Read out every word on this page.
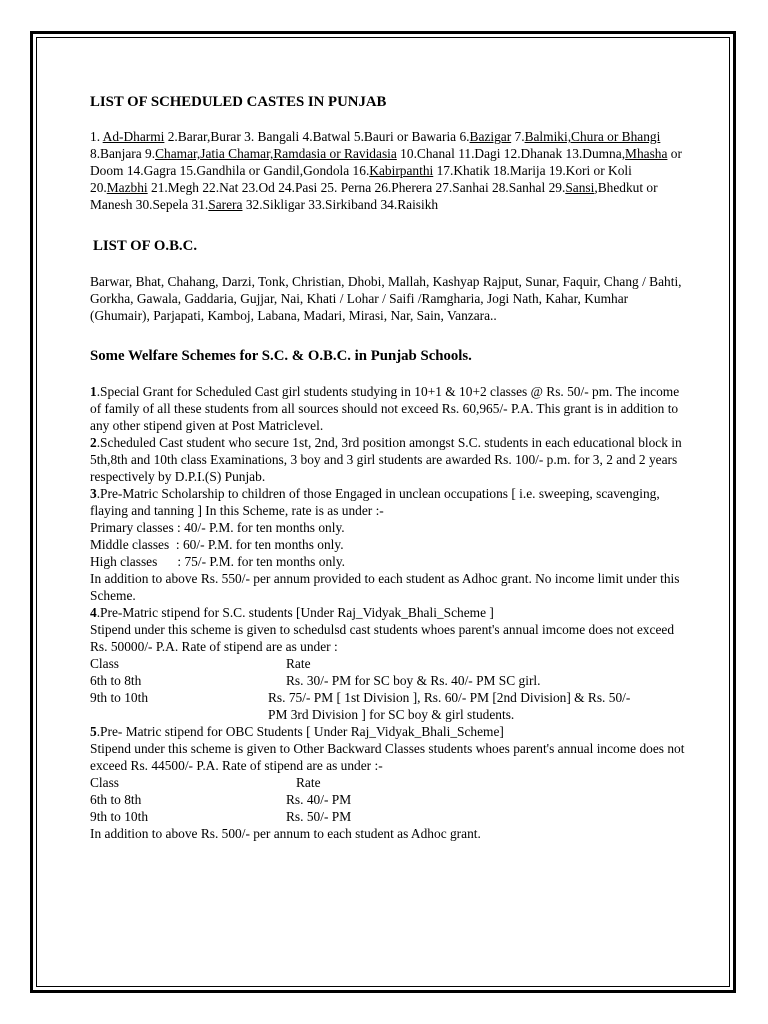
LIST OF SCHEDULED CASTES IN PUNJAB
1. Ad-Dharmi 2.Barar,Burar 3. Bangali 4.Batwal 5.Bauri or Bawaria 6.Bazigar 7.Balmiki,Chura or Bhangi 8.Banjara 9.Chamar,Jatia Chamar,Ramdasia or Ravidasia 10.Chanal 11.Dagi 12.Dhanak 13.Dumna,Mhasha or Doom 14.Gagra 15.Gandhila or Gandil,Gondola 16.Kabirpanthi 17.Khatik 18.Marija 19.Kori or Koli 20.Mazbhi 21.Megh 22.Nat 23.Od 24.Pasi 25. Perna 26.Pherera 27.Sanhai 28.Sanhal 29.Sansi,Bhedkut or Manesh 30.Sepela 31.Sarera 32.Sikligar 33.Sirkiband 34.Raisikh
LIST OF O.B.C.
Barwar, Bhat, Chahang, Darzi, Tonk, Christian, Dhobi, Mallah, Kashyap Rajput, Sunar, Faquir, Chang / Bahti, Gorkha, Gawala, Gaddaria, Gujjar, Nai, Khati / Lohar / Saifi /Ramgharia, Jogi Nath, Kahar, Kumhar (Ghumair), Parjapati, Kamboj, Labana, Madari, Mirasi, Nar, Sain, Vanzara..
Some Welfare Schemes for S.C. & O.B.C. in Punjab Schools.
1.Special Grant for Scheduled Cast girl students studying in 10+1 & 10+2 classes @ Rs. 50/- pm. The income of family of all these students from all sources should not exceed Rs. 60,965/- P.A. This grant is in addition to any other stipend given at Post Matriclevel.
2.Scheduled Cast student who secure 1st, 2nd, 3rd position amongst S.C. students in each educational block in 5th,8th and 10th class Examinations, 3 boy and 3 girl students are awarded Rs. 100/- p.m. for 3, 2 and 2 years respectively by D.P.I.(S) Punjab.
3.Pre-Matric Scholarship to children of those Engaged in unclean occupations [ i.e. sweeping, scavenging, flaying and tanning ] In this Scheme, rate is as under :-
Primary classes : 40/- P.M. for ten months only.
Middle classes  : 60/- P.M. for ten months only.
High classes      : 75/- P.M. for ten months only.
In addition to above Rs. 550/- per annum provided to each student as Adhoc grant. No income limit under this Scheme.
4.Pre-Matric stipend for S.C. students [Under Raj_Vidyak_Bhali_Scheme ]
Stipend under this scheme is given to schedulsd cast students whoes parent's annual imcome does not exceed Rs. 50000/- P.A. Rate of stipend are as under :
Class	Rate
6th to 8th	Rs. 30/- PM for SC boy & Rs. 40/- PM SC girl.
9th to 10th	Rs. 75/- PM [ 1st Division ], Rs. 60/- PM [2nd Division] & Rs. 50/-
PM 3rd Division ] for SC boy & girl students.
5.Pre- Matric stipend for OBC Students [ Under Raj_Vidyak_Bhali_Scheme]
Stipend under this scheme is given to Other Backward Classes students whoes parent's annual income does not exceed Rs. 44500/- P.A. Rate of stipend are as under :-
Class	Rate
6th to 8th	Rs. 40/- PM
9th to 10th	Rs. 50/- PM
In addition to above Rs. 500/- per annum to each student as Adhoc grant.
